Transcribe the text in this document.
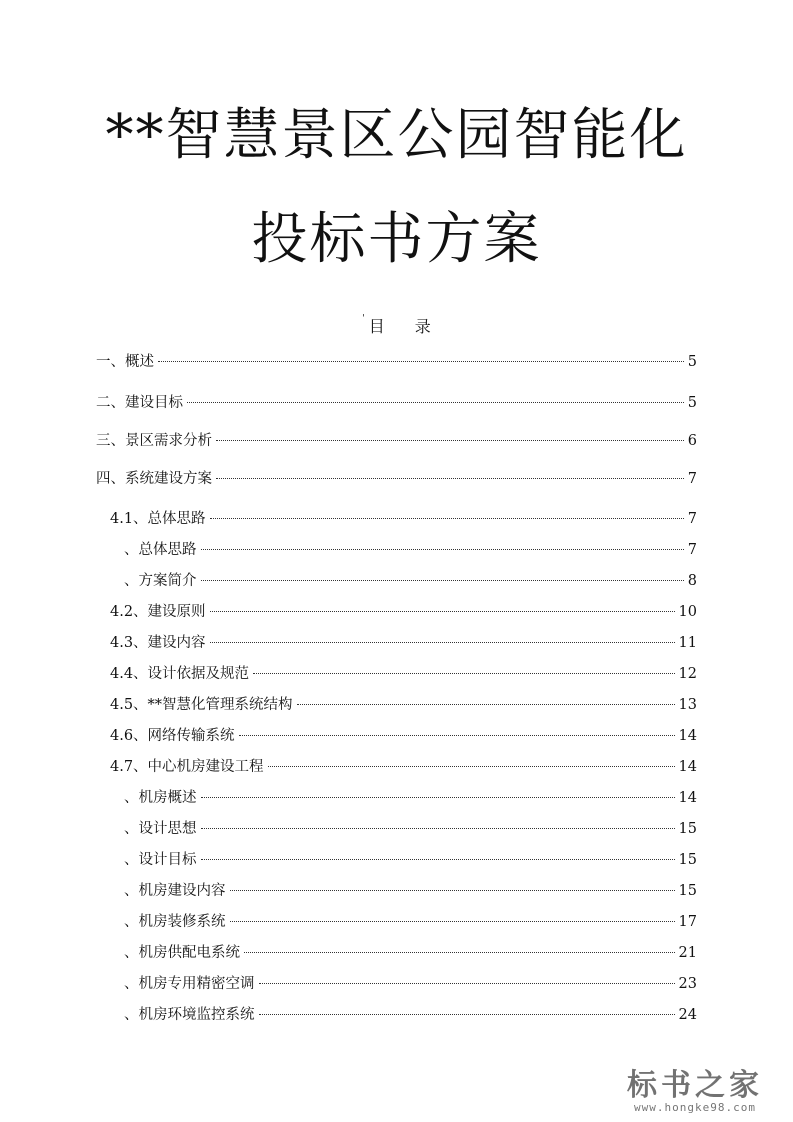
**智慧景区公园智能化
投标书方案
' 目 录
一、概述	5
二、建设目标	5
三、景区需求分析	6
四、系统建设方案	7
4.1、总体思路	7
、总体思路	7
、方案简介	8
4.2、建设原则	10
4.3、建设内容	11
4.4、设计依据及规范	12
4.5、**智慧化管理系统结构	13
4.6、网络传输系统	14
4.7、中心机房建设工程	14
、机房概述	14
、设计思想	15
、设计目标	15
、机房建设内容	15
、机房装修系统	17
、机房供配电系统	21
、机房专用精密空调	23
、机房环境监控系统	24
标书之家
www.hongke98.com
